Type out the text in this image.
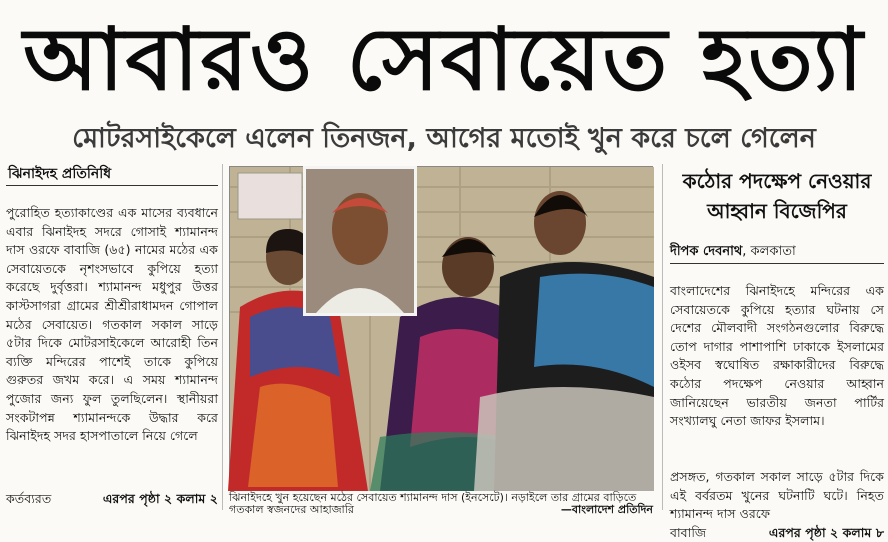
আবারও সেবায়েত হত্যা
মোটরসাইকেলে এলেন তিনজন, আগের মতোই খুন করে চলে গেলেন
ঝিনাইদহ প্রতিনিধি
পুরোহিত হত্যাকাণ্ডের এক মাসের ব্যবধানে এবার ঝিনাইদহ সদরে গোসাই শ্যামানন্দ দাস ওরফে বাবাজি (৬৫) নামের মঠের এক সেবায়েতকে নৃশংসভাবে কুপিয়ে হত্যা করেছে দুর্বৃত্তরা। শ্যামানন্দ মধুপুর উত্তর কাস্টসাগরা গ্রামের শ্রীশ্রীরাধামদন গোপাল মঠের সেবায়েত। গতকাল সকাল সাড়ে ৫টার দিকে মোটরসাইকেলে আরোহী তিন ব্যক্তি মন্দিরের পাশেই তাকে কুপিয়ে গুরুতর জখম করে। এ সময় শ্যামানন্দ পুজোর জন্য ফুল তুলছিলেন। স্থানীয়রা সংকটাপন্ন শ্যামানন্দকে উদ্ধার করে ঝিনাইদহ সদর হাসপাতালে নিয়ে গেলে
কর্তব্যরত	এরপর পৃষ্ঠা ২ কলাম ২ ঝিনাইদহে খুন হয়েছেন মঠের সেবায়েত শ্যামানন্দ দাস (ইনসেটে)। নড়াইলে তার গ্রামের বাড়িতে গতকাল স্বজনদের আহাজারি	—বাংলাদেশ প্রতিদিন
কঠোর পদক্ষেপ নেওয়ার
আহ্বান বিজেপির
দীপক দেবনাথ, কলকাতা
বাংলাদেশের ঝিনাইদহে মন্দিরের এক সেবায়েতকে কুপিয়ে হত্যার ঘটনায় সে দেশের মৌলবাদী সংগঠনগুলোর বিরুদ্ধে তোপ দাগার পাশাপাশি ঢাকাকে ইসলামের ওইসব স্বঘোষিত রক্ষাকারীদের বিরুদ্ধে কঠোর পদক্ষেপ নেওয়ার আহ্বান জানিয়েছেন ভারতীয় জনতা পার্টির সংখ্যালঘু নেতা জাফর ইসলাম।
প্রসঙ্গত, গতকাল সকাল সাড়ে ৫টার দিকে এই বর্বরতম খুনের ঘটনাটি ঘটে। নিহত শ্যামানন্দ দাস ওরফে
বাবাজি	এরপর পৃষ্ঠা ২ কলাম ৮
